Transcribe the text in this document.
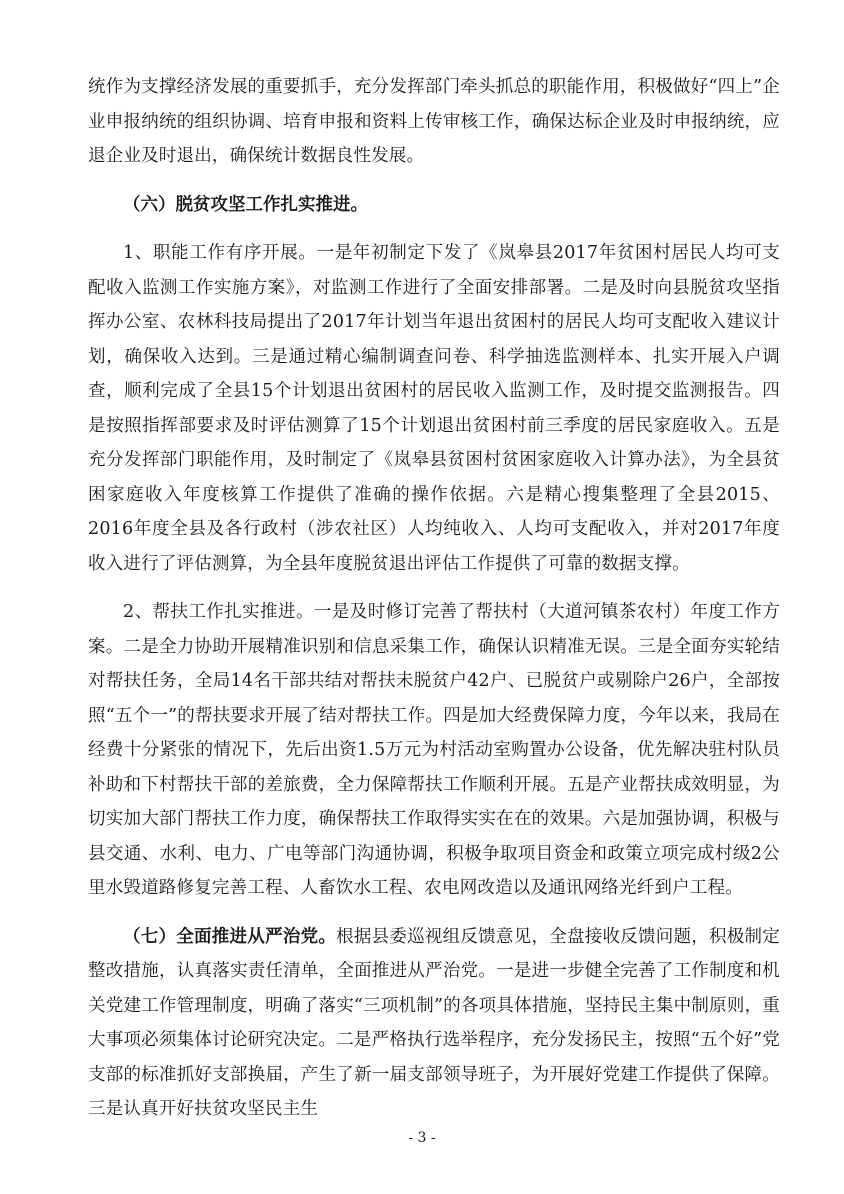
统作为支撑经济发展的重要抓手，充分发挥部门牵头抓总的职能作用，积极做好“四上”企业申报纳统的组织协调、培育申报和资料上传审核工作，确保达标企业及时申报纳统，应退企业及时退出，确保统计数据良性发展。

（六）脱贫攻坚工作扎实推进。

1、职能工作有序开展。一是年初制定下发了《岚皋县2017年贫困村居民人均可支配收入监测工作实施方案》，对监测工作进行了全面安排部署。二是及时向县脱贫攻坚指挥办公室、农林科技局提出了2017年计划当年退出贫困村的居民人均可支配收入建议计划，确保收入达到。三是通过精心编制调查问卷、科学抽选监测样本、扎实开展入户调查，顺利完成了全县15个计划退出贫困村的居民收入监测工作，及时提交监测报告。四是按照指挥部要求及时评估测算了15个计划退出贫困村前三季度的居民家庭收入。五是充分发挥部门职能作用，及时制定了《岚皋县贫困村贫困家庭收入计算办法》，为全县贫困家庭收入年度核算工作提供了准确的操作依据。六是精心搜集整理了全县2015、2016年度全县及各行政村（涉农社区）人均纯收入、人均可支配收入，并对2017年度收入进行了评估测算，为全县年度脱贫退出评估工作提供了可靠的数据支撑。

2、帮扶工作扎实推进。一是及时修订完善了帮扶村（大道河镇茶农村）年度工作方案。二是全力协助开展精准识别和信息采集工作，确保认识精准无误。三是全面夯实轮结对帮扶任务，全局14名干部共结对帮扶未脱贫户42户、已脱贫户或剔除户26户，全部按照“五个一”的帮扶要求开展了结对帮扶工作。四是加大经费保障力度，今年以来，我局在经费十分紧张的情况下，先后出资1.5万元为村活动室购置办公设备，优先解决驻村队员补助和下村帮扶干部的差旅费，全力保障帮扶工作顺利开展。五是产业帮扶成效明显，为切实加大部门帮扶工作力度，确保帮扶工作取得实实在在的效果。六是加强协调，积极与县交通、水利、电力、广电等部门沟通协调，积极争取项目资金和政策立项完成村级2公里水毁道路修复完善工程、人畜饮水工程、农电网改造以及通讯网络光纤到户工程。

（七）全面推进从严治党。根据县委巡视组反馈意见，全盘接收反馈问题，积极制定整改措施，认真落实责任清单，全面推进从严治党。一是进一步健全完善了工作制度和机关党建工作管理制度，明确了落实“三项机制”的各项具体措施，坚持民主集中制原则，重大事项必须集体讨论研究决定。二是严格执行选举程序，充分发扬民主，按照“五个好”党支部的标准抓好支部换届，产生了新一届支部领导班子，为开展好党建工作提供了保障。三是认真开好扶贫攻坚民主生

- 3 -
